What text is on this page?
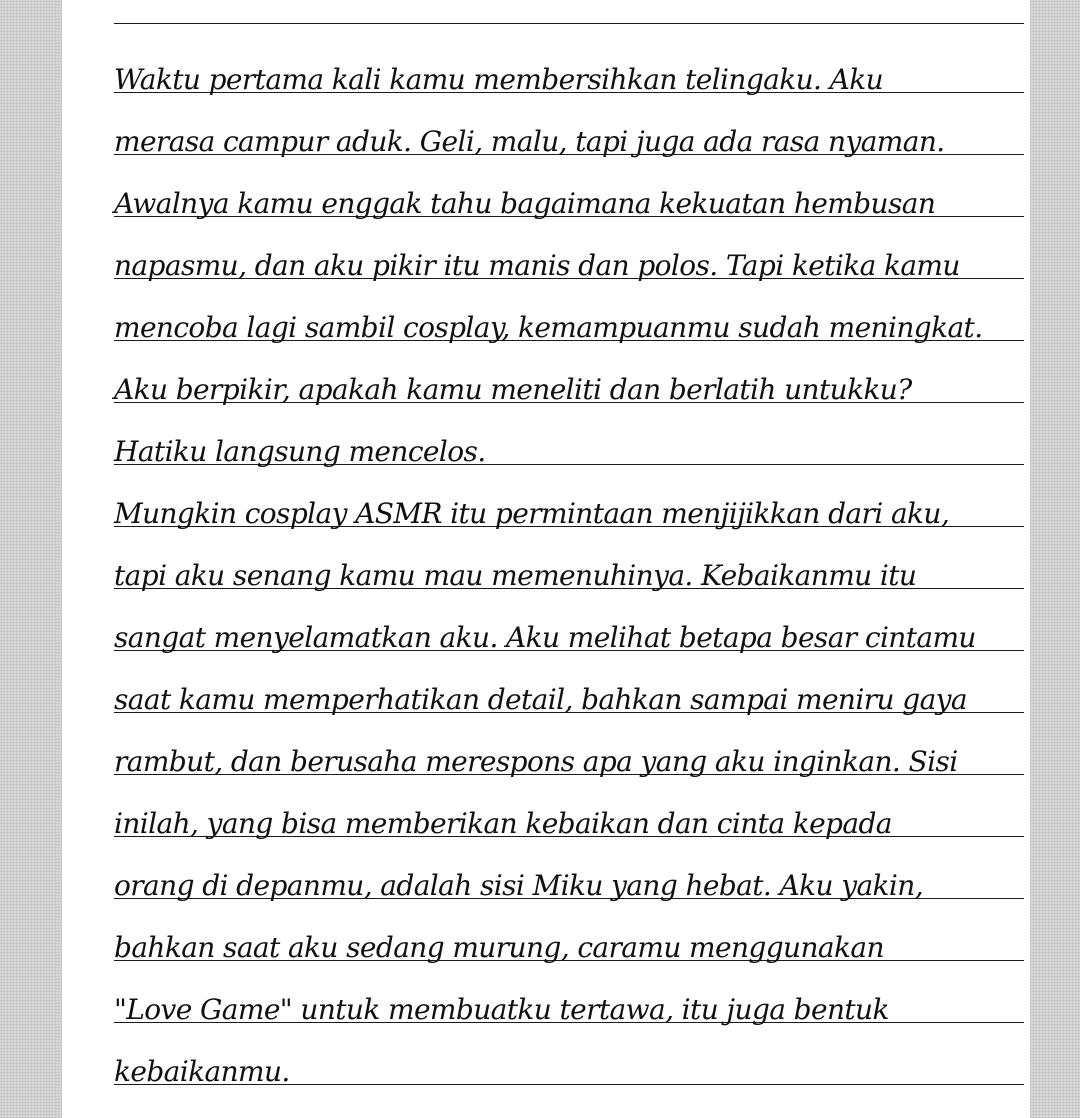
Waktu pertama kali kamu membersihkan telingaku. Aku
merasa campur aduk. Geli, malu, tapi juga ada rasa nyaman.
Awalnya kamu enggak tahu bagaimana kekuatan hembusan
napasmu, dan aku pikir itu manis dan polos. Tapi ketika kamu
mencoba lagi sambil cosplay, kemampuanmu sudah meningkat.
Aku berpikir, apakah kamu meneliti dan berlatih untukku?
Hatiku langsung mencelos.
Mungkin cosplay ASMR itu permintaan menjijikkan dari aku,
tapi aku senang kamu mau memenuhinya. Kebaikanmu itu
sangat menyelamatkan aku. Aku melihat betapa besar cintamu
saat kamu memperhatikan detail, bahkan sampai meniru gaya
rambut, dan berusaha merespons apa yang aku inginkan. Sisi
inilah, yang bisa memberikan kebaikan dan cinta kepada
orang di depanmu, adalah sisi Miku yang hebat. Aku yakin,
bahkan saat aku sedang murung, caramu menggunakan
"Love Game" untuk membuatku tertawa, itu juga bentuk
kebaikanmu.
